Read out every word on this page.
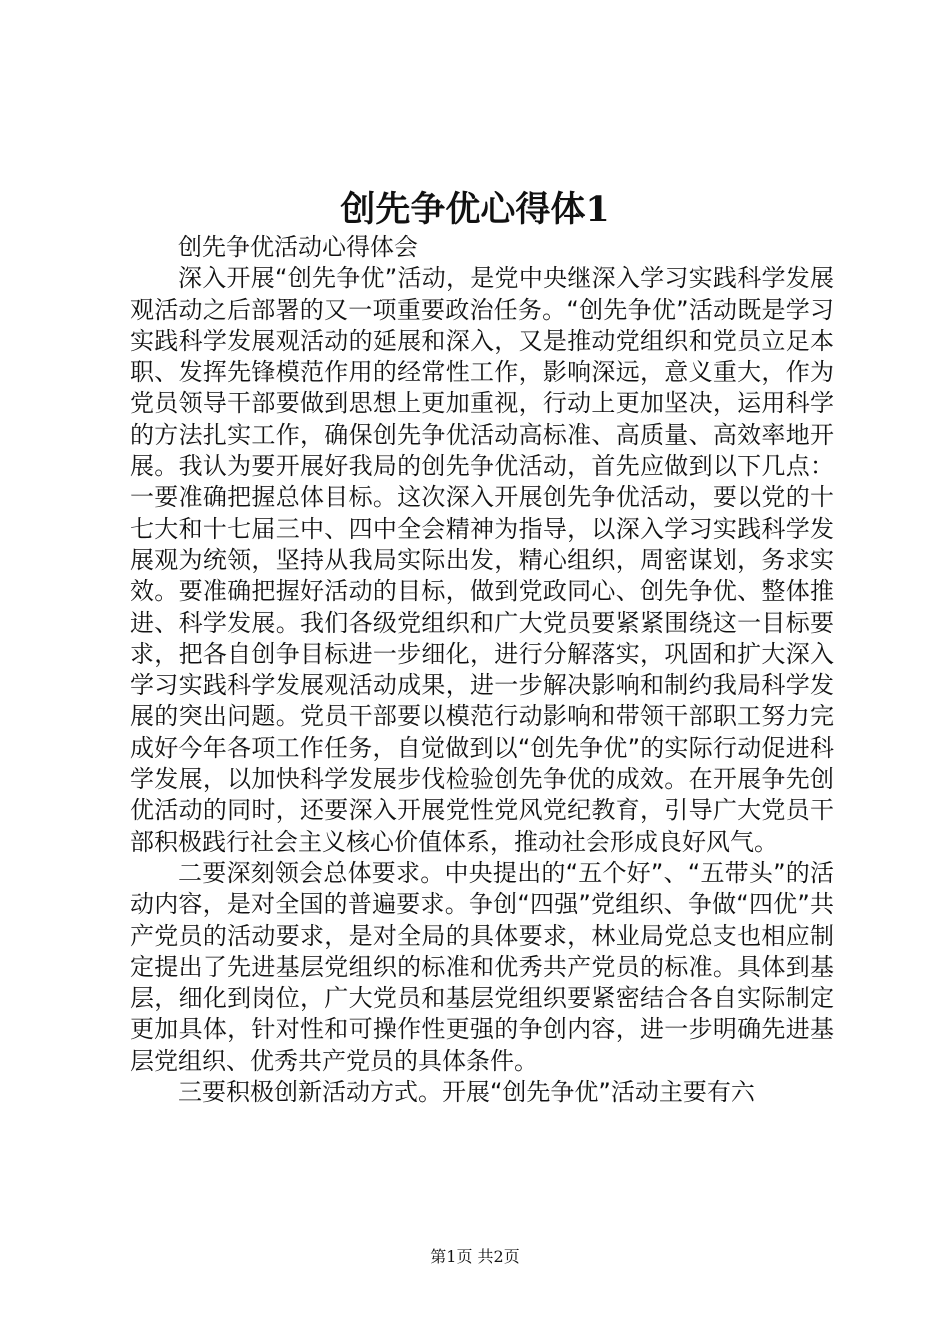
创先争优心得体1

创先争优活动心得体会

深入开展“创先争优”活动，是党中央继深入学习实践科学发展观活动之后部署的又一项重要政治任务。“创先争优”活动既是学习实践科学发展观活动的延展和深入，又是推动党组织和党员立足本职、发挥先锋模范作用的经常性工作，影响深远，意义重大，作为党员领导干部要做到思想上更加重视，行动上更加坚决，运用科学的方法扎实工作，确保创先争优活动高标准、高质量、高效率地开展。我认为要开展好我局的创先争优活动，首先应做到以下几点：一要准确把握总体目标。这次深入开展创先争优活动，要以党的十七大和十七届三中、四中全会精神为指导，以深入学习实践科学发展观为统领，坚持从我局实际出发，精心组织，周密谋划，务求实效。要准确把握好活动的目标，做到党政同心、创先争优、整体推进、科学发展。我们各级党组织和广大党员要紧紧围绕这一目标要求，把各自创争目标进一步细化，进行分解落实，巩固和扩大深入学习实践科学发展观活动成果，进一步解决影响和制约我局科学发展的突出问题。党员干部要以模范行动影响和带领干部职工努力完成好今年各项工作任务，自觉做到以“创先争优”的实际行动促进科学发展，以加快科学发展步伐检验创先争优的成效。在开展争先创优活动的同时，还要深入开展党性党风党纪教育，引导广大党员干部积极践行社会主义核心价值体系，推动社会形成良好风气。

二要深刻领会总体要求。中央提出的“五个好”、“五带头”的活动内容，是对全国的普遍要求。争创“四强”党组织、争做“四优”共产党员的活动要求，是对全局的具体要求，林业局党总支也相应制定提出了先进基层党组织的标准和优秀共产党员的标准。具体到基层，细化到岗位，广大党员和基层党组织要紧密结合各自实际制定更加具体，针对性和可操作性更强的争创内容，进一步明确先进基层党组织、优秀共产党员的具体条件。

三要积极创新活动方式。开展“创先争优”活动主要有六

第1页 共2页
